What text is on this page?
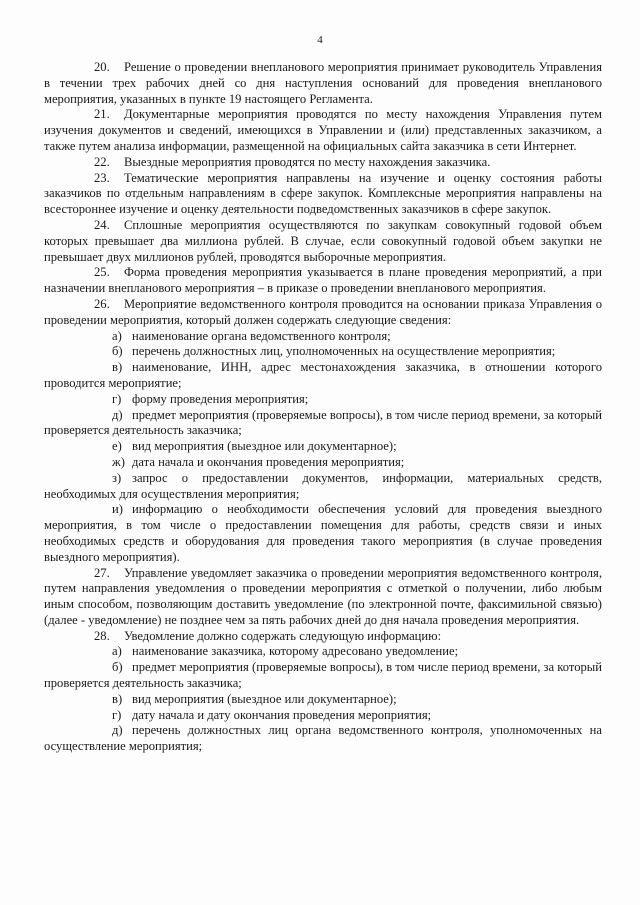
4

20. Решение о проведении внепланового мероприятия принимает руководитель Управления в течении трех рабочих дней со дня наступления оснований для проведения внепланового мероприятия, указанных в пункте 19 настоящего Регламента.

21. Документарные мероприятия проводятся по месту нахождения Управления путем изучения документов и сведений, имеющихся в Управлении и (или) представленных заказчиком, а также путем анализа информации, размещенной на официальных сайта заказчика в сети Интернет.

22. Выездные мероприятия проводятся по месту нахождения заказчика.

23. Тематические мероприятия направлены на изучение и оценку состояния работы заказчиков по отдельным направлениям в сфере закупок. Комплексные мероприятия направлены на всестороннее изучение и оценку деятельности подведомственных заказчиков в сфере закупок.

24. Сплошные мероприятия осуществляются по закупкам совокупный годовой объем которых превышает два миллиона рублей. В случае, если совокупный годовой объем закупки не превышает двух миллионов рублей, проводятся выборочные мероприятия.

25. Форма проведения мероприятия указывается в плане проведения мероприятий, а при назначении внепланового мероприятия – в приказе о проведении внепланового мероприятия.

26. Мероприятие ведомственного контроля проводится на основании приказа Управления о проведении мероприятия, который должен содержать следующие сведения:

а) наименование органа ведомственного контроля;

б) перечень должностных лиц, уполномоченных на осуществление мероприятия;

в) наименование, ИНН, адрес местонахождения заказчика, в отношении которого проводится мероприятие;

г) форму проведения мероприятия;

д) предмет мероприятия (проверяемые вопросы), в том числе период времени, за который проверяется деятельность заказчика;

е) вид мероприятия (выездное или документарное);

ж) дата начала и окончания проведения мероприятия;

з) запрос о предоставлении документов, информации, материальных средств, необходимых для осуществления мероприятия;

и) информацию о необходимости обеспечения условий для проведения выездного мероприятия, в том числе о предоставлении помещения для работы, средств связи и иных необходимых средств и оборудования для проведения такого мероприятия (в случае проведения выездного мероприятия).

27. Управление уведомляет заказчика о проведении мероприятия ведомственного контроля, путем направления уведомления о проведении мероприятия с отметкой о получении, либо любым иным способом, позволяющим доставить уведомление (по электронной почте, факсимильной связью) (далее - уведомление) не позднее чем за пять рабочих дней до дня начала проведения мероприятия.

28. Уведомление должно содержать следующую информацию:

а) наименование заказчика, которому адресовано уведомление;

б) предмет мероприятия (проверяемые вопросы), в том числе период времени, за который проверяется деятельность заказчика;

в) вид мероприятия (выездное или документарное);

г) дату начала и дату окончания проведения мероприятия;

д) перечень должностных лиц органа ведомственного контроля, уполномоченных на осуществление мероприятия;
